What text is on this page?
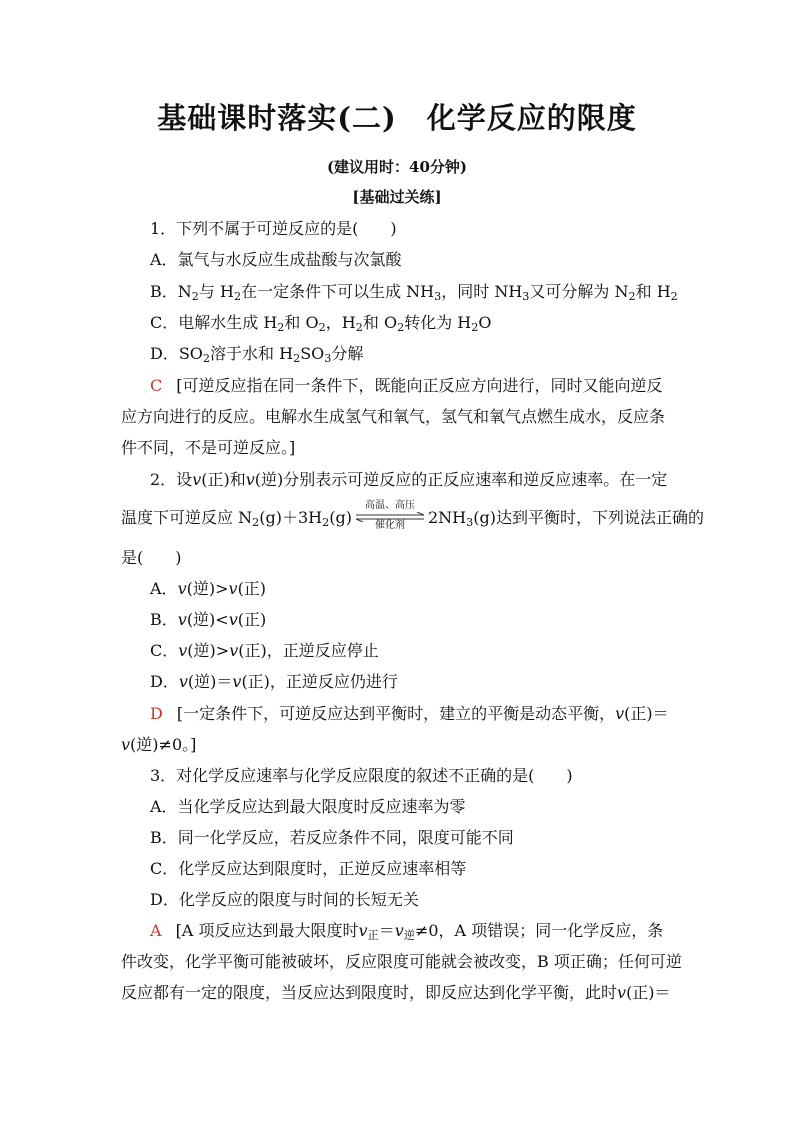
基础课时落实(二)　化学反应的限度
(建议用时：40分钟)
[基础过关练]
1．下列不属于可逆反应的是(　　)
A．氯气与水反应生成盐酸与次氯酸
B．$N_2$与 $H_2$在一定条件下可以生成 $NH_3$，同时 $NH_3$又可分解为 $N_2$和 $H_2$
C．电解水生成 $H_2$和 $O_2$，$H_2$和 $O_2$转化为 $H_2O$
D．$SO_2$溶于水和 $H_2SO_3$分解
C [可逆反应指在同一条件下，既能向正反应方向进行，同时又能向逆反
应方向进行的反应。电解水生成氢气和氧气，氢气和氧气点燃生成水，反应条
件不同，不是可逆反应。]
2．设v(正)和v(逆)分别表示可逆反应的正反应速率和逆反应速率。在一定
温度下可逆反应 $N_2(g)+3H_2(g)$
高温、高压
催化剂	$2NH_3(g)$达到平衡时，下列说法正确的
是(　　)
A．v(逆)>v(正)
B．v(逆)<v(正)
C．v(逆)>v(正)，正逆反应停止
D．v(逆)＝v(正)，正逆反应仍进行
D [一定条件下，可逆反应达到平衡时，建立的平衡是动态平衡，v(正)＝
v(逆)≠0。]
3．对化学反应速率与化学反应限度的叙述不正确的是(　　)
A．当化学反应达到最大限度时反应速率为零
B．同一化学反应，若反应条件不同，限度可能不同
C．化学反应达到限度时，正逆反应速率相等
D．化学反应的限度与时间的长短无关
A [A 项反应达到最大限度时$v_正=v_逆\ne 0$，A 项错误；同一化学反应，条
件改变，化学平衡可能被破坏，反应限度可能就会被改变，B 项正确；任何可逆
反应都有一定的限度，当反应达到限度时，即反应达到化学平衡，此时v(正)＝
